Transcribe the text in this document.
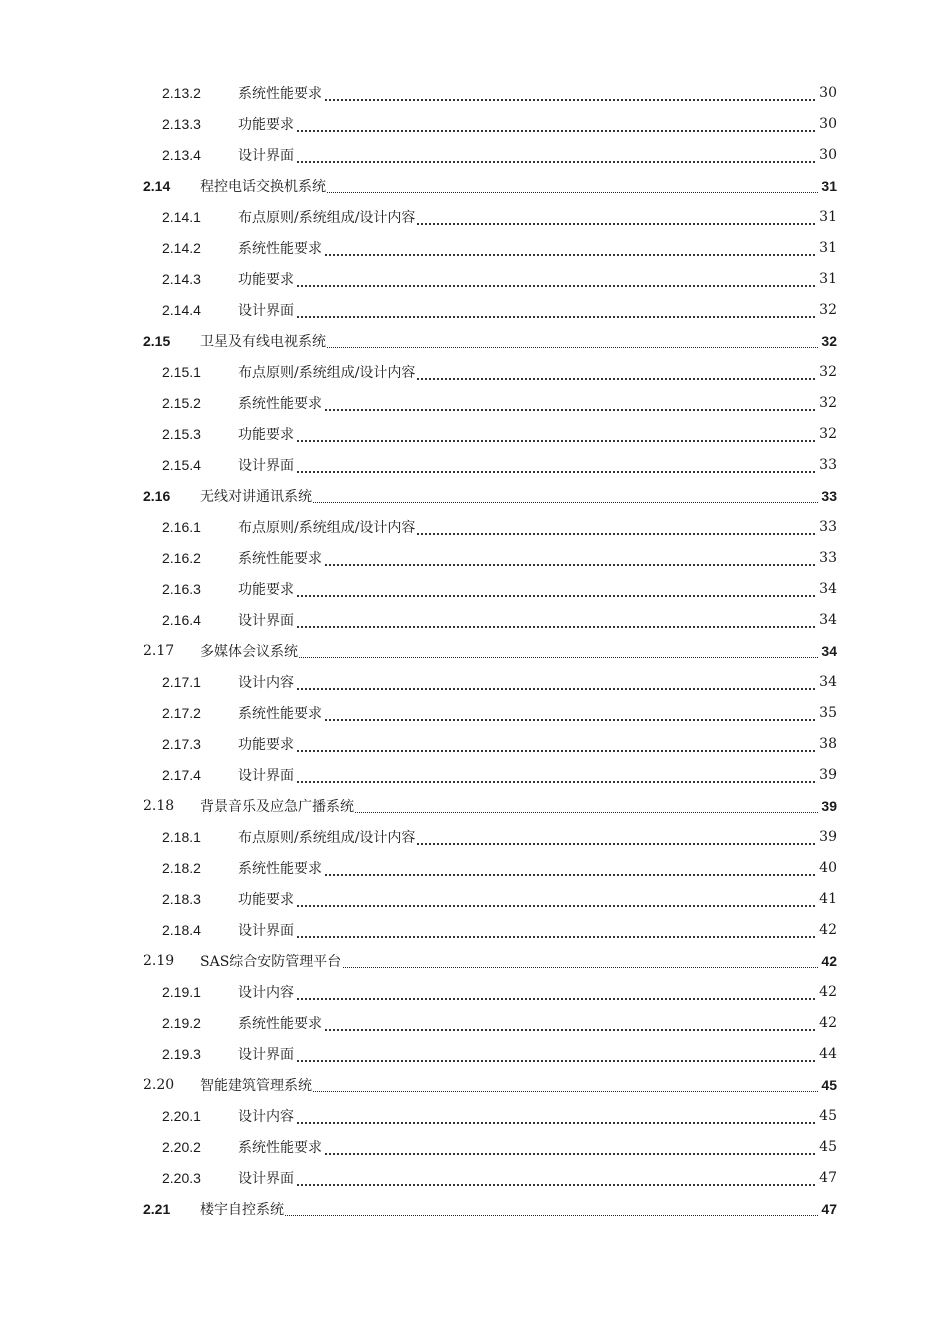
2.13.2	系统性能要求	30
2.13.3	功能要求	30
2.13.4	设计界面	30
2.14 程控电话交换机系统	31
2.14.1	布点原则/系统组成/设计内容	31
2.14.2	系统性能要求	31
2.14.3	功能要求	31
2.14.4	设计界面	32
2.15 卫星及有线电视系统	32
2.15.1	布点原则/系统组成/设计内容	32
2.15.2	系统性能要求	32
2.15.3	功能要求	32
2.15.4	设计界面	33
2.16 无线对讲通讯系统	33
2.16.1	布点原则/系统组成/设计内容	33
2.16.2	系统性能要求	33
2.16.3	功能要求	34
2.16.4	设计界面	34
2.17 多媒体会议系统	34
2.17.1	设计内容	34
2.17.2	系统性能要求	35
2.17.3	功能要求	38
2.17.4	设计界面	39
2.18 背景音乐及应急广播系统	39
2.18.1	布点原则/系统组成/设计内容	39
2.18.2	系统性能要求	40
2.18.3	功能要求	41
2.18.4	设计界面	42
2.19 SAS综合安防管理平台	42
2.19.1	设计内容	42
2.19.2	系统性能要求	42
2.19.3	设计界面	44
2.20 智能建筑管理系统	45
2.20.1	设计内容	45
2.20.2	系统性能要求	45
2.20.3	设计界面	47
2.21 楼宇自控系统	47
